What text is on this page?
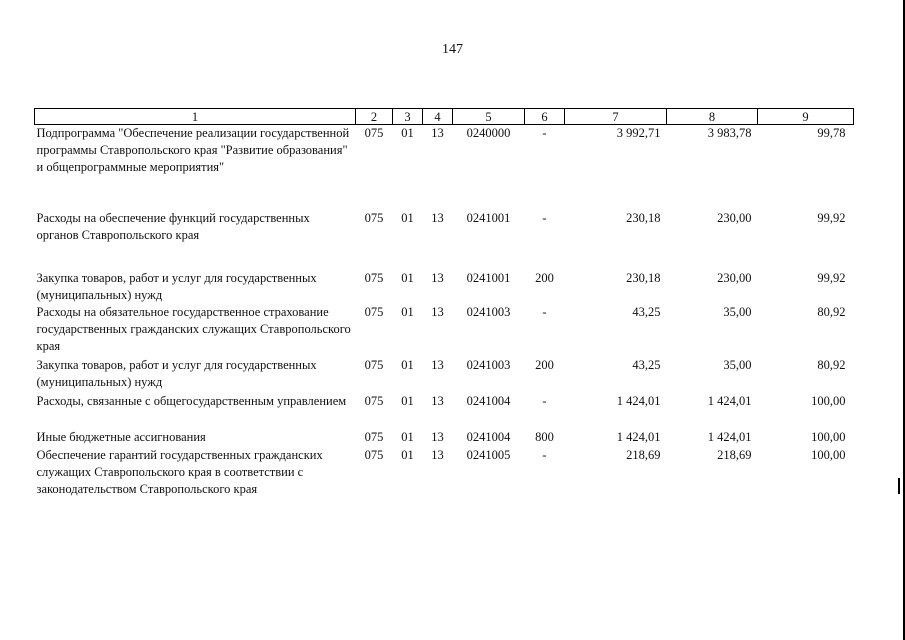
147
1	2	3	4	5	6	7	8	9
Подпрограмма "Обеспечение реализации государственной программы Ставропольского края "Развитие образования" и общепрограммные мероприятия"	075	01	13	0240000	-	3 992,71	3 983,78	99,78
Расходы на обеспечение функций государственных органов Ставропольского края	075	01	13	0241001	-	230,18	230,00	99,92
Закупка товаров, работ и услуг для государственных (муниципальных) нужд	075	01	13	0241001	200	230,18	230,00	99,92
Расходы на обязательное государственное страхование государственных гражданских служащих Ставропольского края	075	01	13	0241003	-	43,25	35,00	80,92
Закупка товаров, работ и услуг для государственных (муниципальных) нужд	075	01	13	0241003	200	43,25	35,00	80,92
Расходы, связанные с общегосударственным управлением	075	01	13	0241004	-	1 424,01	1 424,01	100,00
Иные бюджетные ассигнования	075	01	13	0241004	800	1 424,01	1 424,01	100,00
Обеспечение гарантий государственных гражданских служащих Ставропольского края в соответствии с законодательством Ставропольского края	075	01	13	0241005	-	218,69	218,69	100,00
